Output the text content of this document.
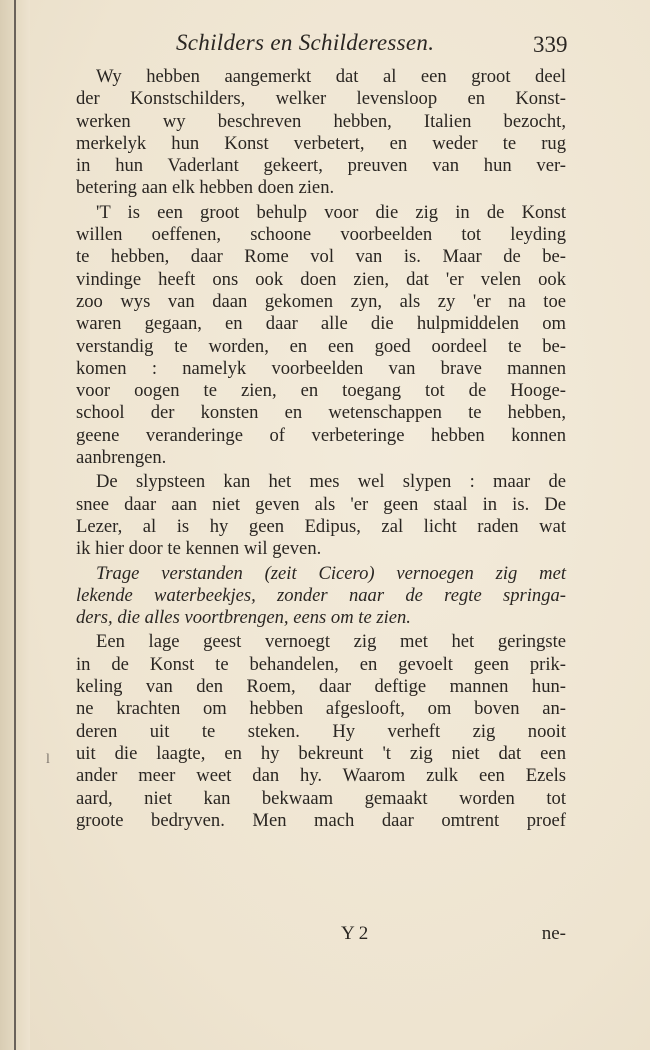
Schilders en Schilderessen.	339
l
Wy hebben aangemerkt dat al een groot deel
der Konstschilders, welker levensloop en Konst-
werken wy beschreven hebben, Italien bezocht,
merkelyk hun Konst verbetert, en weder te rug
in hun Vaderlant gekeert, preuven van hun ver-
betering aan elk hebben doen zien.
'T is een groot behulp voor die zig in de Konst
willen oeffenen, schoone voorbeelden tot leyding
te hebben, daar Rome vol van is. Maar de be-
vindinge heeft ons ook doen zien, dat 'er velen ook
zoo wys van daan gekomen zyn, als zy 'er na toe
waren gegaan, en daar alle die hulpmiddelen om
verstandig te worden, en een goed oordeel te be-
komen : namelyk voorbeelden van brave mannen
voor oogen te zien, en toegang tot de Hooge-
school der konsten en wetenschappen te hebben,
geene veranderinge of verbeteringe hebben konnen
aanbrengen.
De slypsteen kan het mes wel slypen : maar de
snee daar aan niet geven als 'er geen staal in is. De
Lezer, al is hy geen Edipus, zal licht raden wat
ik hier door te kennen wil geven.
Trage verstanden (zeit Cicero) vernoegen zig met
lekende waterbeekjes, zonder naar de regte springa-
ders, die alles voortbrengen, eens om te zien.
Een lage geest vernoegt zig met het geringste
in de Konst te behandelen, en gevoelt geen prik-
keling van den Roem, daar deftige mannen hun-
ne krachten om hebben afgeslooft, om boven an-
deren uit te steken. Hy verheft zig nooit
uit die laagte, en hy bekreunt 't zig niet dat een
ander meer weet dan hy. Waarom zulk een Ezels
aard, niet kan bekwaam gemaakt worden tot
groote bedryven. Men mach daar omtrent proef
Y 2	ne-
